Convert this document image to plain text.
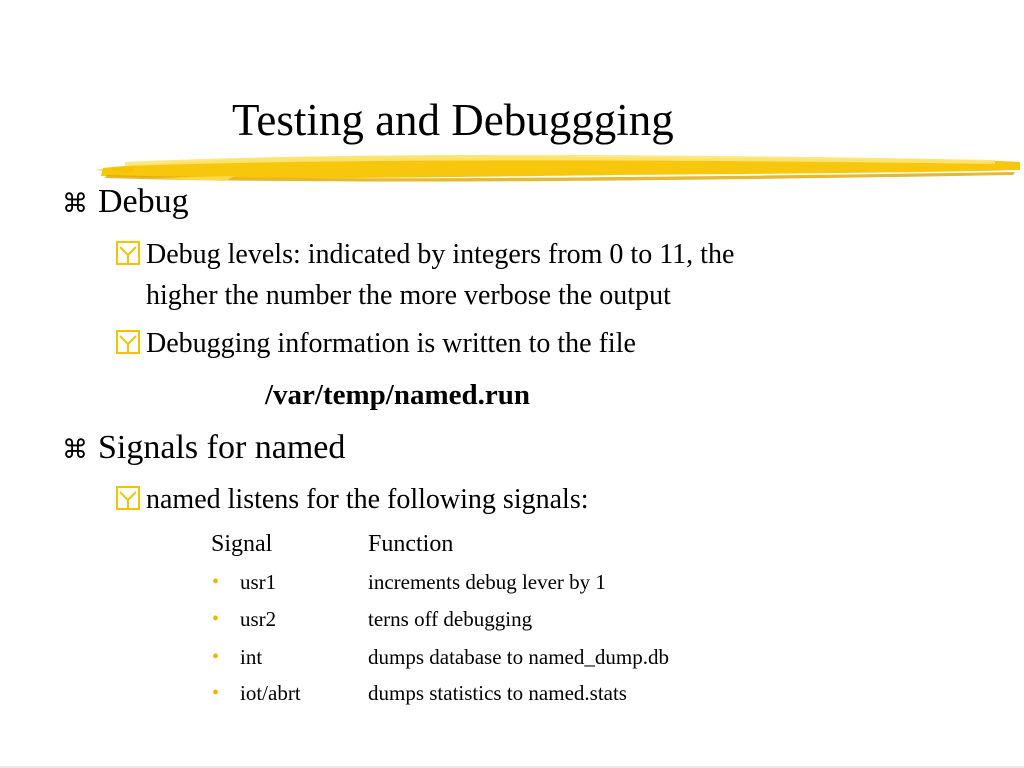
Testing and Debuggging
⌘ Debug
Debug levels: indicated by integers from 0 to 11, the
higher the number the more verbose the output
Debugging information is written to the file
/var/temp/named.run
⌘ Signals for named
named listens for the following signals:
Signal	Function
• usr1	increments debug lever by 1
• usr2	terns off debugging
• int	dumps database to named_dump.db
• iot/abrt	dumps statistics to named.stats
